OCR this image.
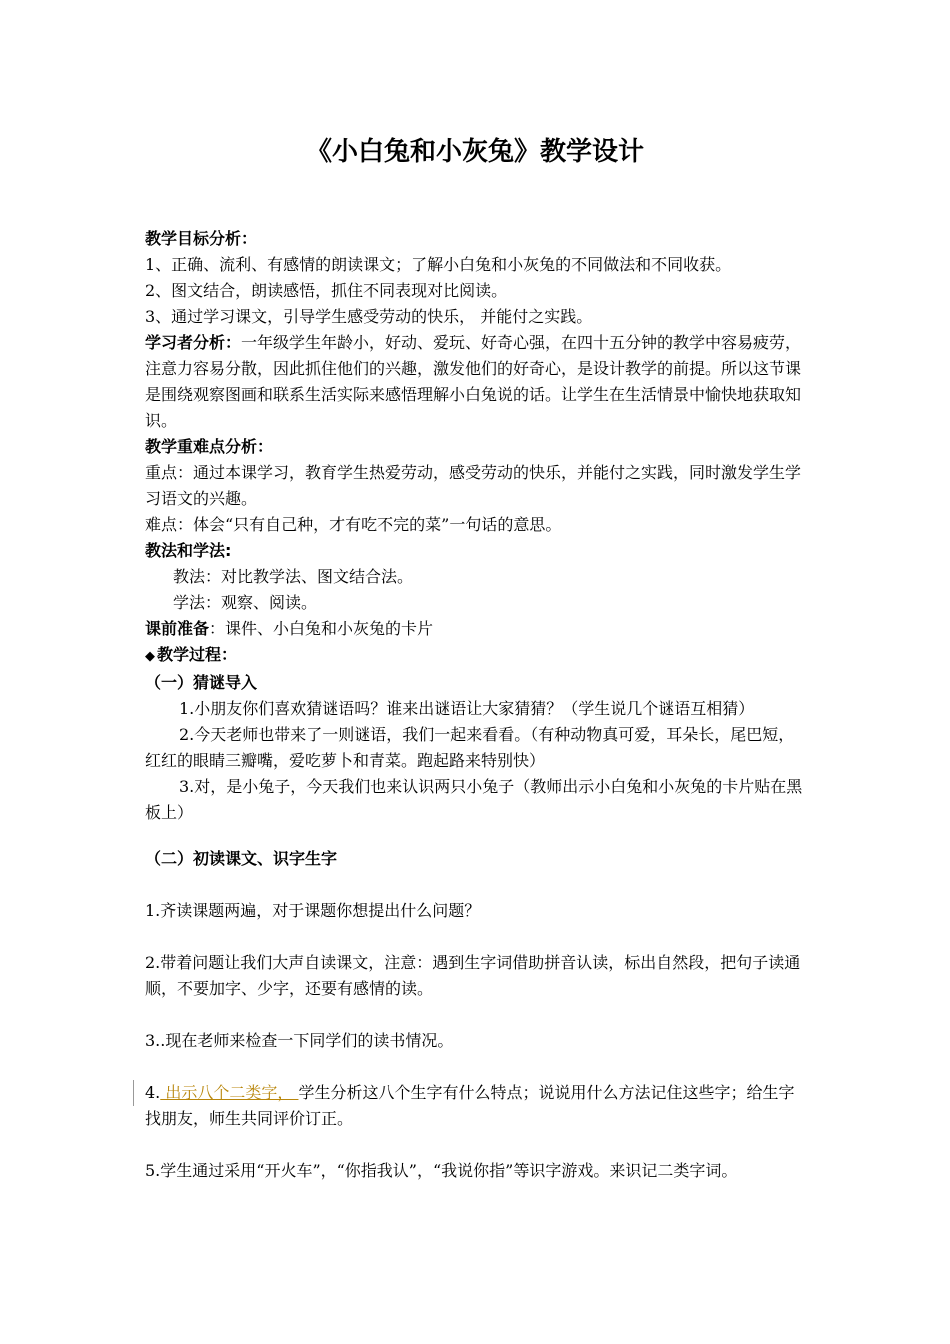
《小白兔和小灰兔》教学设计

教学目标分析：

1、正确、流利、有感情的朗读课文；了解小白兔和小灰兔的不同做法和不同收获。

2、图文结合，朗读感悟，抓住不同表现对比阅读。

3、通过学习课文，引导学生感受劳动的快乐， 并能付之实践。

学习者分析：一年级学生年龄小，好动、爱玩、好奇心强，在四十五分钟的教学中容易疲劳，注意力容易分散，因此抓住他们的兴趣，激发他们的好奇心，是设计教学的前提。所以这节课是围绕观察图画和联系生活实际来感悟理解小白兔说的话。让学生在生活情景中愉快地获取知识。

教学重难点分析：

重点：通过本课学习，教育学生热爱劳动，感受劳动的快乐，并能付之实践，同时激发学生学习语文的兴趣。

难点：体会“只有自己种，才有吃不完的菜”一句话的意思。

教法和学法:

教法：对比教学法、图文结合法。

学法：观察、阅读。

课前准备：课件、小白兔和小灰兔的卡片

◆ 教学过程：

（一）猜谜导入

1.小朋友你们喜欢猜谜语吗？谁来出谜语让大家猜猜？（学生说几个谜语互相猜）

2.今天老师也带来了一则谜语，我们一起来看看。（有种动物真可爱，耳朵长，尾巴短，红红的眼睛三瓣嘴，爱吃萝卜和青菜。跑起路来特别快）

3.对，是小兔子，今天我们也来认识两只小兔子（教师出示小白兔和小灰兔的卡片贴在黑板上）

（二）初读课文、识字生字

1.齐读课题两遍，对于课题你想提出什么问题？

2.带着问题让我们大声自读课文，注意：遇到生字词借助拼音认读，标出自然段，把句子读通顺，不要加字、少字，还要有感情的读。

3..现在老师来检查一下同学们的读书情况。

4. 出示八个二类字， 学生分析这八个生字有什么特点；说说用什么方法记住这些字；给生字找朋友，师生共同评价订正。

5.学生通过采用“开火车”，“你指我认”，“我说你指”等识字游戏。来识记二类字词。
